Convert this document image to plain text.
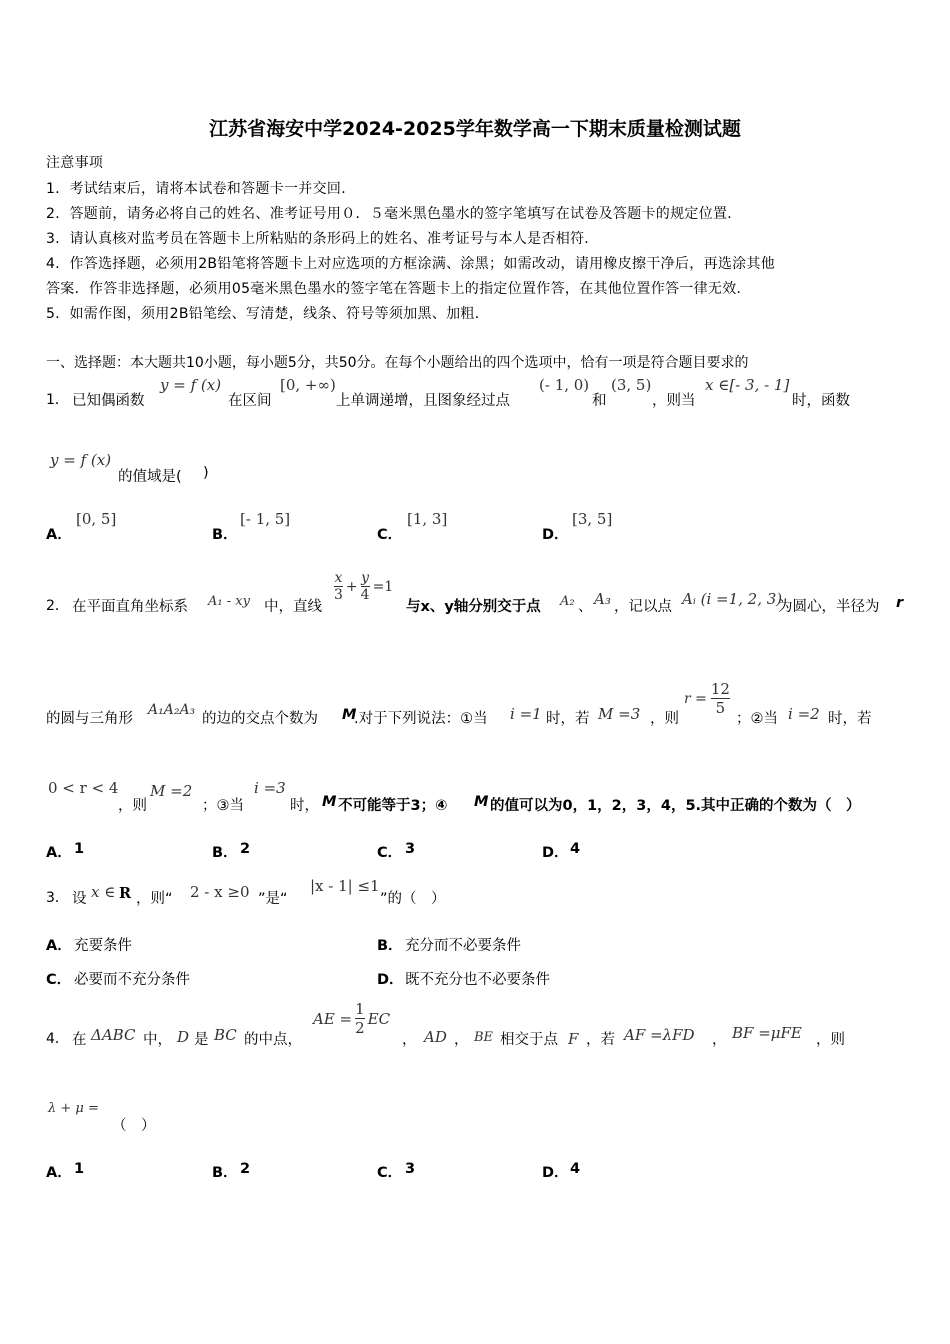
江苏省海安中学2024-2025学年数学高一下期末质量检测试题
注意事项
1．考试结束后，请将本试卷和答题卡一并交回．
2．答题前，请务必将自己的姓名、准考证号用０．５毫米黑色墨水的签字笔填写在试卷及答题卡的规定位置．
3．请认真核对监考员在答题卡上所粘贴的条形码上的姓名、准考证号与本人是否相符．
4．作答选择题，必须用2B铅笔将答题卡上对应选项的方框涂满、涂黑；如需改动，请用橡皮擦干净后，再选涂其他
答案．作答非选择题，必须用05毫米黑色墨水的签字笔在答题卡上的指定位置作答，在其他位置作答一律无效．
5．如需作图，须用2B铅笔绘、写清楚，线条、符号等须加黑、加粗．
一、选择题：本大题共10小题，每小题5分，共50分。在每个小题给出的四个选项中，恰有一项是符合题目要求的
1． 已知偶函数
y = f (x)
在区间
[0, +∞)
上单调递增，且图象经过点
(- 1, 0)
和
(3, 5)
，则当
x ∈[- 3, - 1]
时，函数
y = f (x)
的值域是( )
A．
[0, 5]
B．
[- 1, 5]
C．
[1, 3]
D．
[3, 5]
2． 在平面直角坐标系 A₁ - xy 中，直线
$\frac{x}{3} + \frac{y}{4} =1$
与x、y轴分别交于点 A₂ 、 A₃ ，记以点 Aᵢ (i =1, 2, 3)
为圆心，半径为 r
的圆与三角形
A₁A₂A₃
的边的交点个数为 M
.对于下列说法：①当 i =1 时，若 M =3 ，则
$r = \frac{12}{5}$
；②当 i =2 时，若
0 < r < 4
，则
M =2
；③当
i =3
时， M 不可能等于3；④ M 的值可以为0，1，2，3，4，5.其中正确的个数为（　）
A． 1	B． 2	C． 3	D． 4
3． 设 x ∈ R ，则“ 2 - x ≥0 ”是“
|x - 1| ≤1
”的（　）
A． 充要条件	B． 充分而不必要条件
C． 必要而不充分条件	D． 既不充分也不必要条件
4． 在 ΔABC 中， D 是 BC 的中点，
AE = $\frac{1}{2}$ EC
， AD ， BE 相交于点 F ，若 AF =λFD ， BF =μFE ，则
λ + μ =
（　）
A． 1	B． 2	C． 3	D． 4
